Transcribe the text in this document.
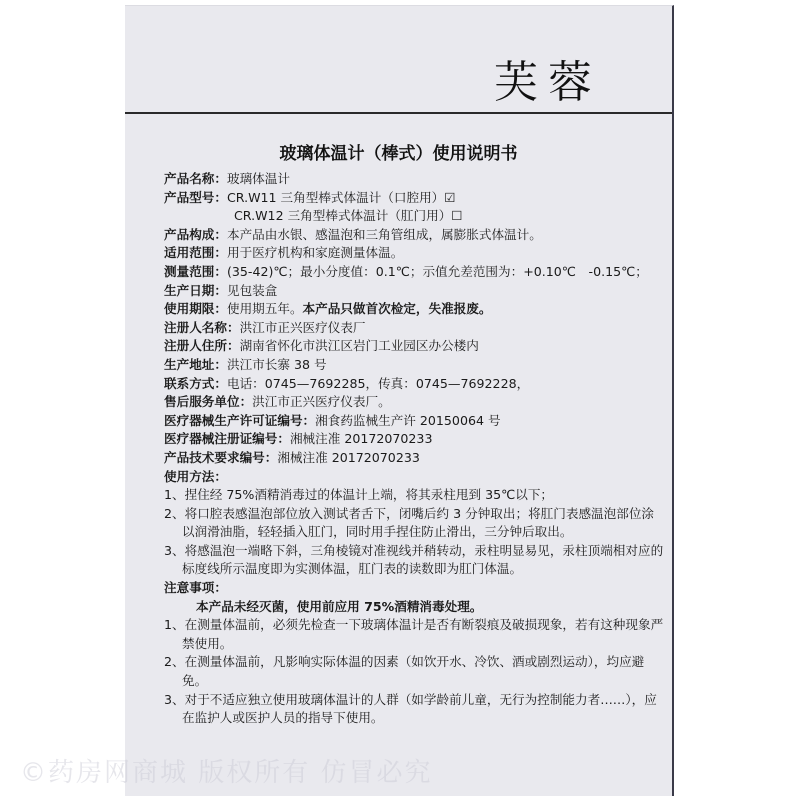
芙蓉
玻璃体温计（棒式）使用说明书
产品名称：玻璃体温计
产品型号：CR.W11 三角型棒式体温计（口腔用）☑
CR.W12 三角型棒式体温计（肛门用）☐
产品构成：本产品由水银、感温泡和三角管组成，属膨胀式体温计。
适用范围：用于医疗机构和家庭测量体温。
测量范围：(35-42)℃；最小分度值：0.1℃；示值允差范围为：+0.10℃　-0.15℃；
生产日期：见包装盒
使用期限：使用期五年。本产品只做首次检定，失准报废。
注册人名称：洪江市正兴医疗仪表厂
注册人住所：湖南省怀化市洪江区岩门工业园区办公楼内
生产地址：洪江市长寨 38 号
联系方式：电话：0745—7692285，传真：0745—7692228，
售后服务单位：洪江市正兴医疗仪表厂。
医疗器械生产许可证编号：湘食药监械生产许 20150064 号
医疗器械注册证编号：湘械注准 20172070233
产品技术要求编号：湘械注准 20172070233
使用方法：
1、捏住经 75%酒精消毒过的体温计上端，将其汞柱甩到 35℃以下；
2、将口腔表感温泡部位放入测试者舌下，闭嘴后约 3 分钟取出；将肛门表感温泡部位涂以润滑油脂，轻轻插入肛门，同时用手捏住防止滑出，三分钟后取出。
3、将感温泡一端略下斜，三角棱镜对准视线并稍转动，汞柱明显易见，汞柱顶端相对应的标度线所示温度即为实测体温，肛门表的读数即为肛门体温。
注意事项：
本产品未经灭菌，使用前应用 75%酒精消毒处理。
1、在测量体温前，必须先检查一下玻璃体温计是否有断裂痕及破损现象，若有这种现象严禁使用。
2、在测量体温前，凡影响实际体温的因素（如饮开水、冷饮、酒或剧烈运动），均应避免。
3、对于不适应独立使用玻璃体温计的人群（如学龄前儿童，无行为控制能力者……），应在监护人或医护人员的指导下使用。
©药房网商城 版权所有 仿冒必究
